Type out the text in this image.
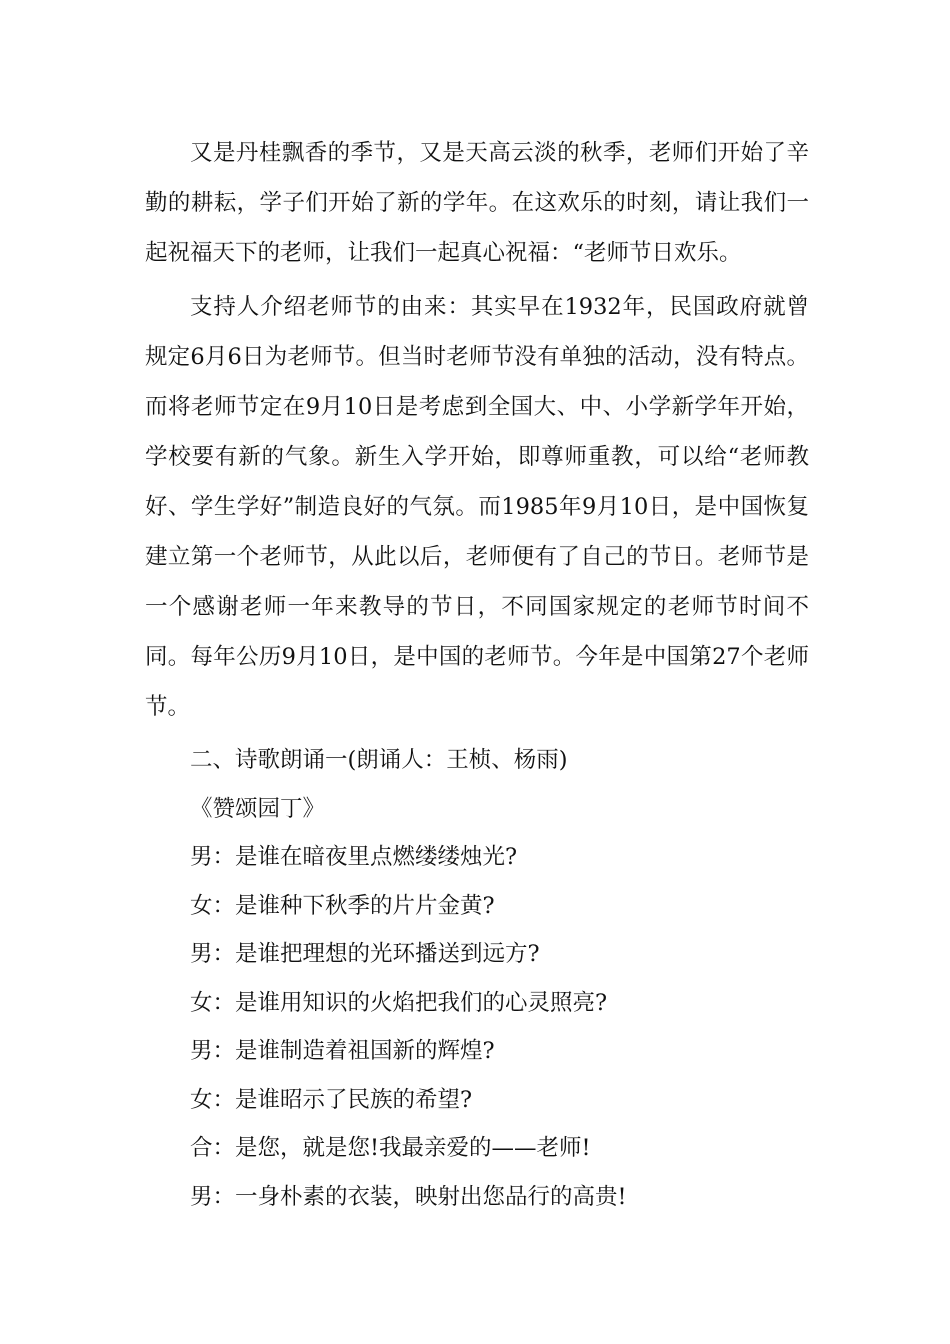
又是丹桂飘香的季节，又是天高云淡的秋季，老师们开始了辛勤的耕耘，学子们开始了新的学年。在这欢乐的时刻，请让我们一起祝福天下的老师，让我们一起真心祝福：“老师节日欢乐。

支持人介绍老师节的由来：其实早在1932年，民国政府就曾规定6月6日为老师节。但当时老师节没有单独的活动，没有特点。而将老师节定在9月10日是考虑到全国大、中、小学新学年开始，学校要有新的气象。新生入学开始，即尊师重教，可以给“老师教好、学生学好”制造良好的气氛。而1985年9月10日，是中国恢复建立第一个老师节，从此以后，老师便有了自己的节日。老师节是一个感谢老师一年来教导的节日，不同国家规定的老师节时间不同。每年公历9月10日，是中国的老师节。今年是中国第27个老师节。

二、诗歌朗诵一(朗诵人：王桢、杨雨)

《赞颂园丁》

男：是谁在暗夜里点燃缕缕烛光?

女：是谁种下秋季的片片金黄?

男：是谁把理想的光环播送到远方?

女：是谁用知识的火焰把我们的心灵照亮?

男：是谁制造着祖国新的辉煌?

女：是谁昭示了民族的希望?

合：是您，就是您!我最亲爱的——老师!

男：一身朴素的衣装，映射出您品行的高贵!
